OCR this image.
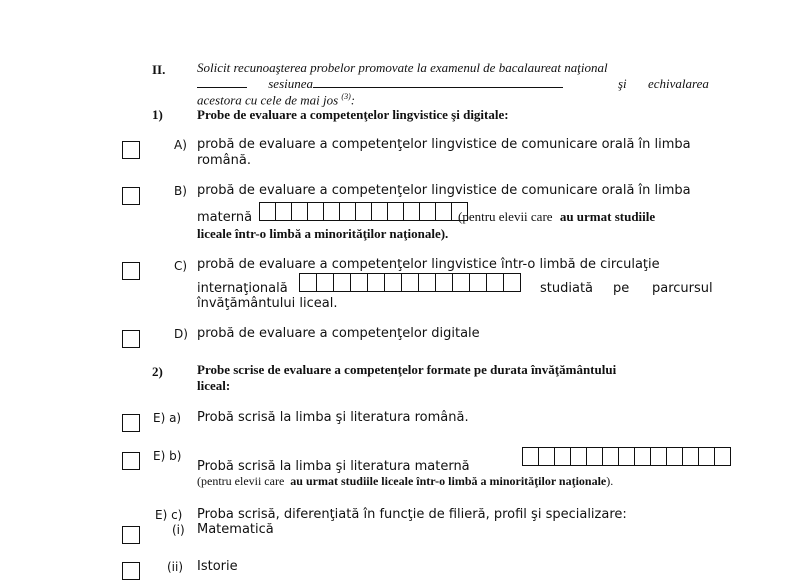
II. Solicit recunoaşterea probelor promovate la examenul de bacalaureat naţional
sesiunea	şi echivalarea
acestora cu cele de mai jos $^{(3)}$:
1)	Probe de evaluare a competenţelor lingvistice şi digitale:
A) probă de evaluare a competenţelor lingvistice de comunicare orală în limba
română.
B) probă de evaluare a competenţelor lingvistice de comunicare orală în limba
maternă	(pentru elevii care au urmat studiile
liceale într-o limbă a minorităţilor naţionale).
C) probă de evaluare a competenţelor lingvistice într-o limbă de circulaţie
internaţională	studiată pe parcursul
învăţământului liceal.
D) probă de evaluare a competenţelor digitale
2)	Probe scrise de evaluare a competenţelor formate pe durata învăţământului
liceal:
E) a) Probă scrisă la limba şi literatura română.
E) b)
Probă scrisă la limba şi literatura maternă
(pentru elevii care au urmat studiile liceale într-o limbă a minorităţilor naţionale).
E) c) Proba scrisă, diferenţiată în funcţie de filieră, profil şi specializare:
(i) Matematică
(ii) Istorie
